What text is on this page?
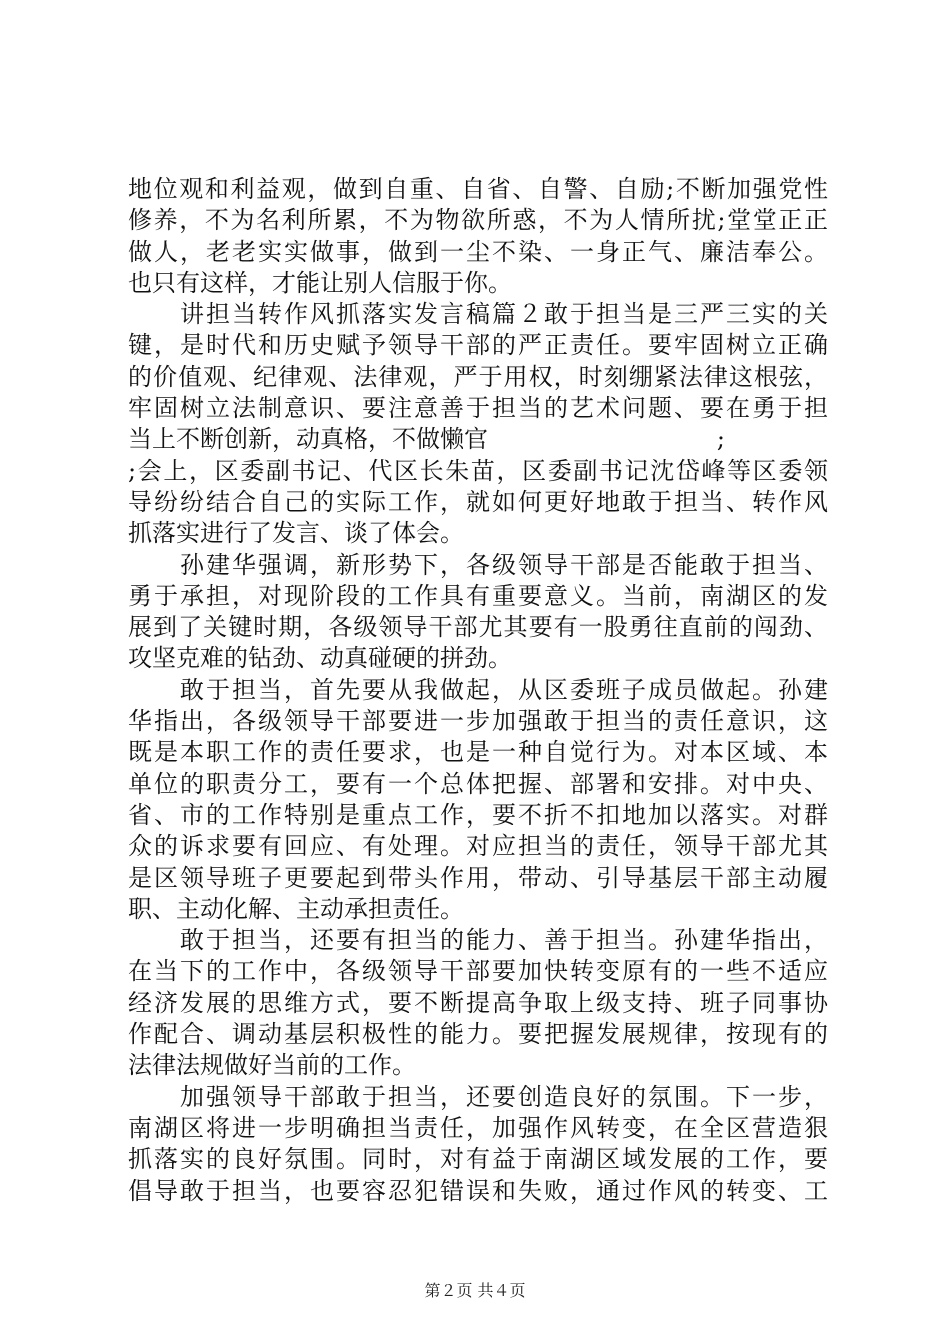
地位观和利益观，做到自重、自省、自警、自励;不断加强党性
修养，不为名利所累，不为物欲所惑，不为人情所扰;堂堂正正
做人，老老实实做事，做到一尘不染、一身正气、廉洁奉公。
也只有这样，才能让别人信服于你。
　　讲担当转作风抓落实发言稿篇２敢于担当是三严三实的关
键，是时代和历史赋予领导干部的严正责任。要牢固树立正确
的价值观、纪律观、法律观，严于用权，时刻绷紧法律这根弦，
牢固树立法制意识、要注意善于担当的艺术问题、要在勇于担
当上不断创新，动真格，不做懒官                              ;
;会上，区委副书记、代区长朱苗，区委副书记沈岱峰等区委领
导纷纷结合自己的实际工作，就如何更好地敢于担当、转作风
抓落实进行了发言、谈了体会。
　　孙建华强调，新形势下，各级领导干部是否能敢于担当、
勇于承担，对现阶段的工作具有重要意义。当前，南湖区的发
展到了关键时期，各级领导干部尤其要有一股勇往直前的闯劲、
攻坚克难的钻劲、动真碰硬的拼劲。
　　敢于担当，首先要从我做起，从区委班子成员做起。孙建
华指出，各级领导干部要进一步加强敢于担当的责任意识，这
既是本职工作的责任要求，也是一种自觉行为。对本区域、本
单位的职责分工，要有一个总体把握、部署和安排。对中央、
省、市的工作特别是重点工作，要不折不扣地加以落实。对群
众的诉求要有回应、有处理。对应担当的责任，领导干部尤其
是区领导班子更要起到带头作用，带动、引导基层干部主动履
职、主动化解、主动承担责任。
　　敢于担当，还要有担当的能力、善于担当。孙建华指出，
在当下的工作中，各级领导干部要加快转变原有的一些不适应
经济发展的思维方式，要不断提高争取上级支持、班子同事协
作配合、调动基层积极性的能力。要把握发展规律，按现有的
法律法规做好当前的工作。
　　加强领导干部敢于担当，还要创造良好的氛围。下一步，
南湖区将进一步明确担当责任，加强作风转变，在全区营造狠
抓落实的良好氛围。同时，对有益于南湖区域发展的工作，要
倡导敢于担当，也要容忍犯错误和失败，通过作风的转变、工
第２页 共４页
